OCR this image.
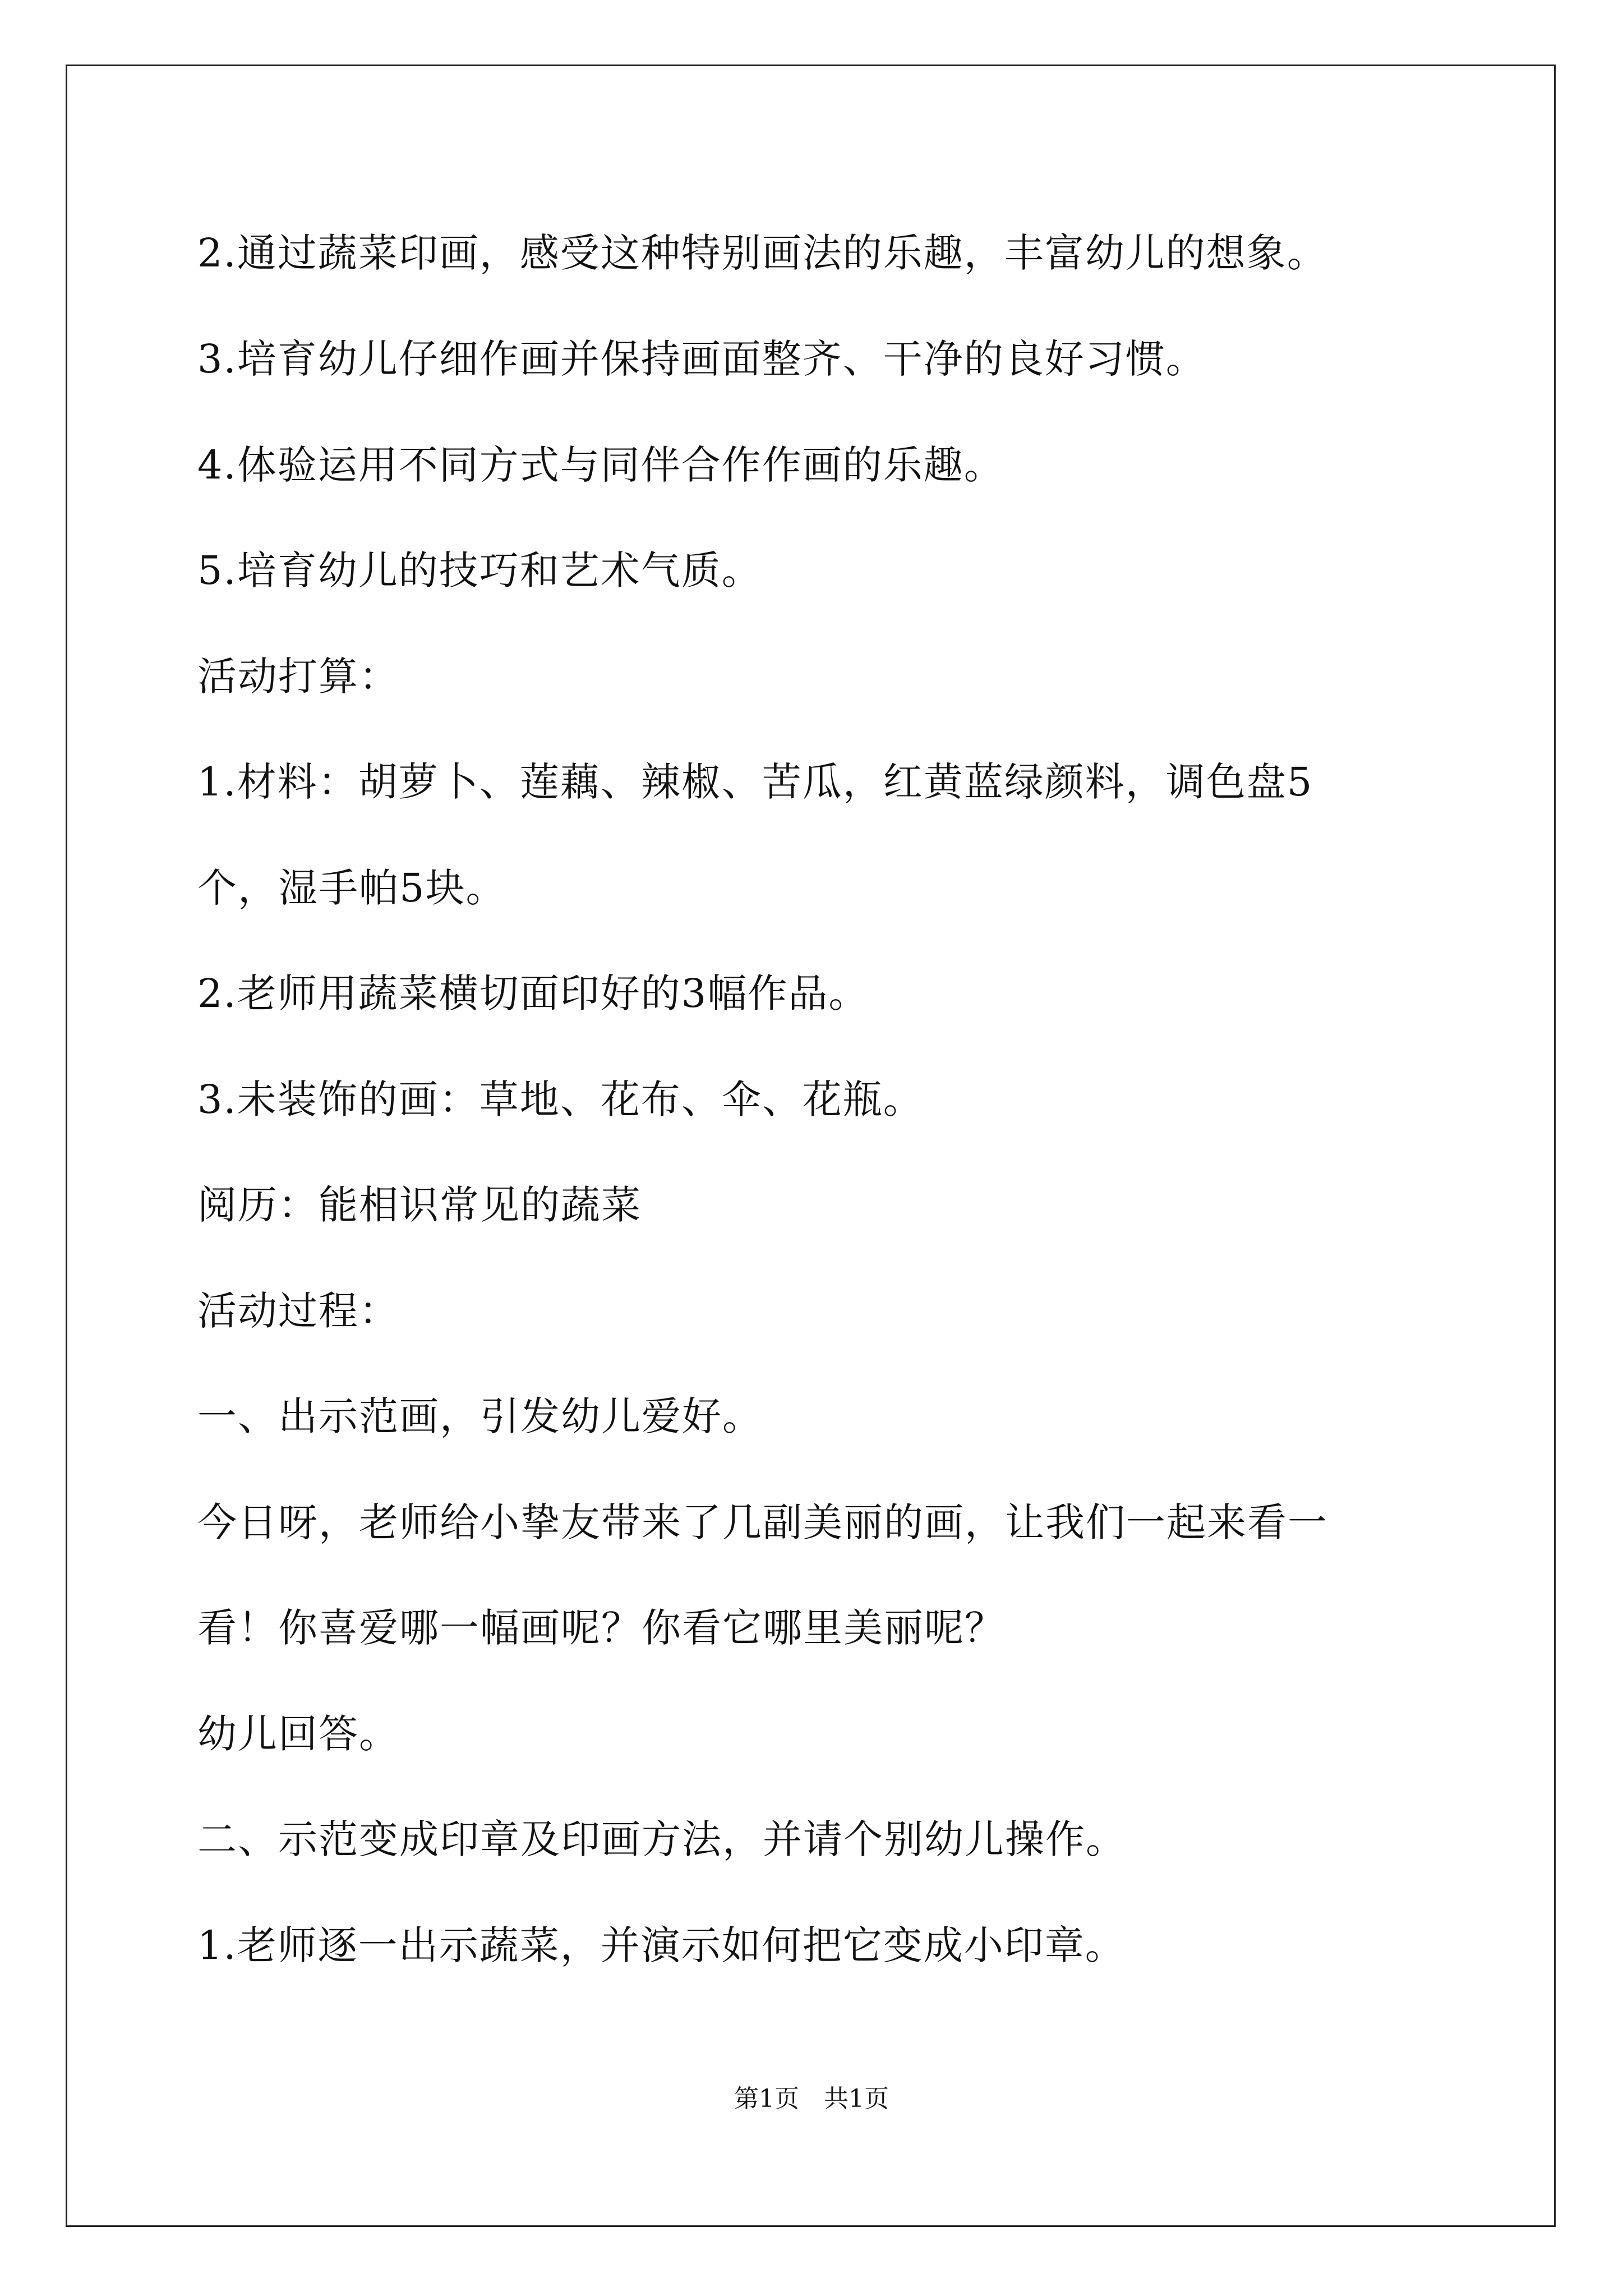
2.通过蔬菜印画，感受这种特别画法的乐趣，丰富幼儿的想象。
3.培育幼儿仔细作画并保持画面整齐、干净的良好习惯。
4.体验运用不同方式与同伴合作作画的乐趣。
5.培育幼儿的技巧和艺术气质。
活动打算：
1.材料：胡萝卜、莲藕、辣椒、苦瓜，红黄蓝绿颜料，调色盘5
个，湿手帕5块。
2.老师用蔬菜横切面印好的3幅作品。
3.未装饰的画：草地、花布、伞、花瓶。
阅历：能相识常见的蔬菜
活动过程：
一、出示范画，引发幼儿爱好。
今日呀，老师给小挚友带来了几副美丽的画，让我们一起来看一
看！你喜爱哪一幅画呢？你看它哪里美丽呢？
幼儿回答。
二、示范变成印章及印画方法，并请个别幼儿操作。
1.老师逐一出示蔬菜，并演示如何把它变成小印章。
第1页　共1页
